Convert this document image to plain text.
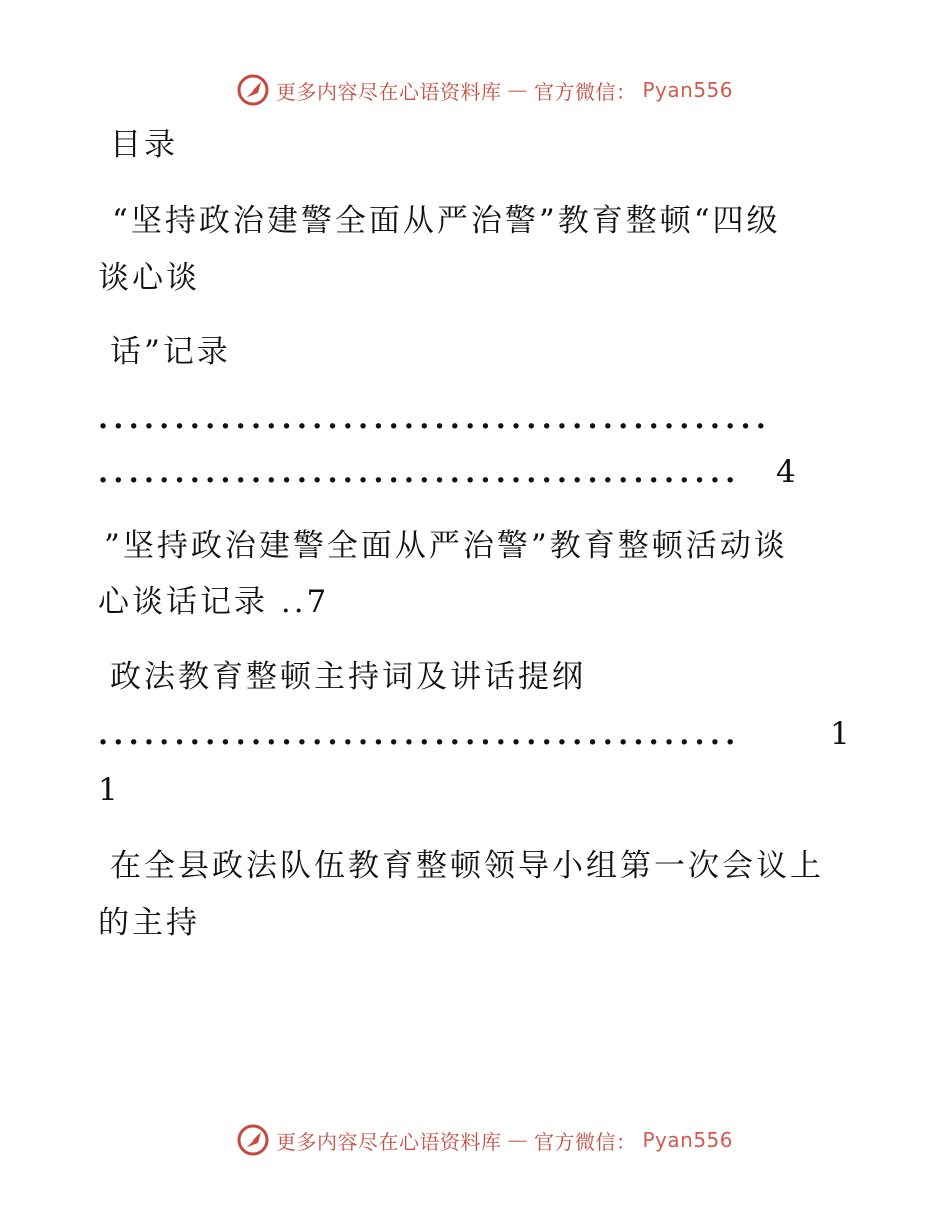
更多内容尽在心语资料库 — 官方微信： Pyan556
目录
“坚持政治建警全面从严治警”教育整顿“四级
谈心谈
话”记录
............................................
.......................................... 4
”坚持政治建警全面从严治警”教育整顿活动谈
心谈话记录 ..7
政法教育整顿主持词及讲话提纲
..........................................	1
1
在全县政法队伍教育整顿领导小组第一次会议上
的主持
更多内容尽在心语资料库 — 官方微信： Pyan556
